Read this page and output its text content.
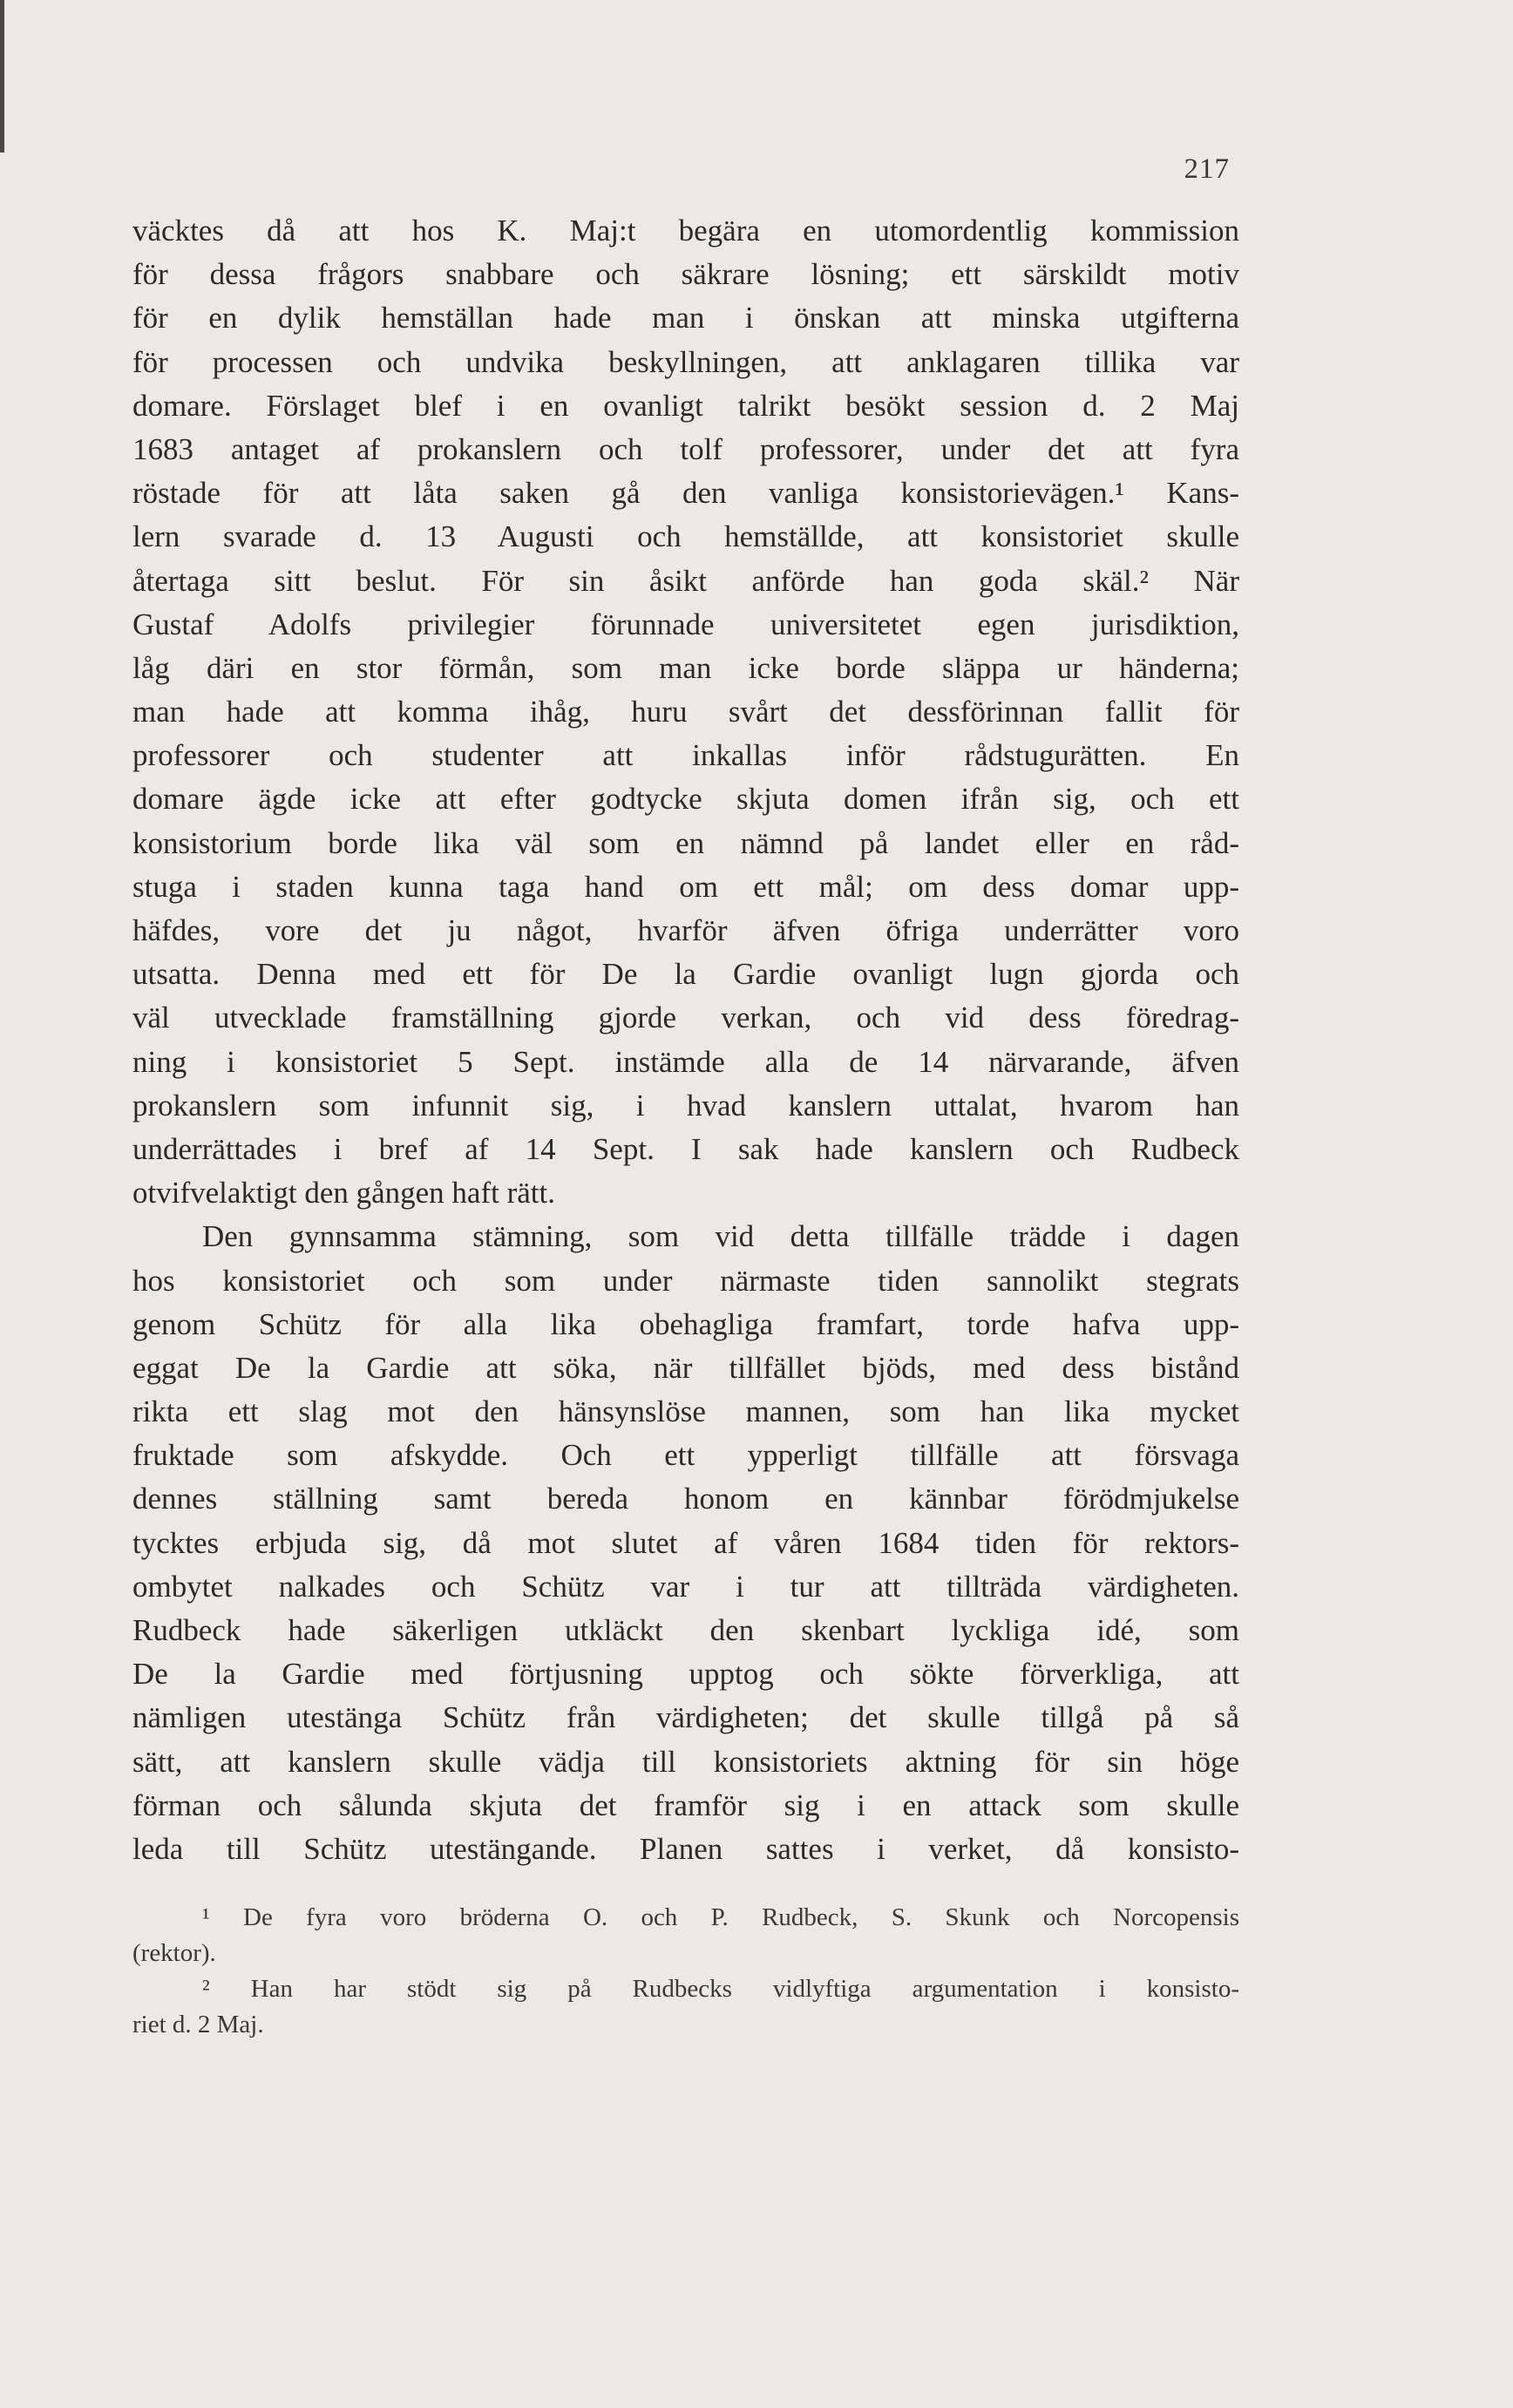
217
väcktes då att hos K. Maj:t begära en utomordentlig kommission
för dessa frågors snabbare och säkrare lösning; ett särskildt motiv
för en dylik hemställan hade man i önskan att minska utgifterna
för processen och undvika beskyllningen, att anklagaren tillika var
domare. Förslaget blef i en ovanligt talrikt besökt session d. 2 Maj
1683 antaget af prokanslern och tolf professorer, under det att fyra
röstade för att låta saken gå den vanliga konsistorievägen.¹ Kans-
lern svarade d. 13 Augusti och hemställde, att konsistoriet skulle
återtaga sitt beslut. För sin åsikt anförde han goda skäl.² När
Gustaf Adolfs privilegier förunnade universitetet egen jurisdiktion,
låg däri en stor förmån, som man icke borde släppa ur händerna;
man hade att komma ihåg, huru svårt det dessförinnan fallit för
professorer och studenter att inkallas inför rådstugurätten. En
domare ägde icke att efter godtycke skjuta domen ifrån sig, och ett
konsistorium borde lika väl som en nämnd på landet eller en råd-
stuga i staden kunna taga hand om ett mål; om dess domar upp-
häfdes, vore det ju något, hvarför äfven öfriga underrätter voro
utsatta. Denna med ett för De la Gardie ovanligt lugn gjorda och
väl utvecklade framställning gjorde verkan, och vid dess föredrag-
ning i konsistoriet 5 Sept. instämde alla de 14 närvarande, äfven
prokanslern som infunnit sig, i hvad kanslern uttalat, hvarom han
underrättades i bref af 14 Sept. I sak hade kanslern och Rudbeck
otvifvelaktigt den gången haft rätt.
Den gynnsamma stämning, som vid detta tillfälle trädde i dagen
hos konsistoriet och som under närmaste tiden sannolikt stegrats
genom Schütz för alla lika obehagliga framfart, torde hafva upp-
eggat De la Gardie att söka, när tillfället bjöds, med dess bistånd
rikta ett slag mot den hänsynslöse mannen, som han lika mycket
fruktade som afskydde. Och ett ypperligt tillfälle att försvaga
dennes ställning samt bereda honom en kännbar förödmjukelse
tycktes erbjuda sig, då mot slutet af våren 1684 tiden för rektors-
ombytet nalkades och Schütz var i tur att tillträda värdigheten.
Rudbeck hade säkerligen utkläckt den skenbart lyckliga idé, som
De la Gardie med förtjusning upptog och sökte förverkliga, att
nämligen utestänga Schütz från värdigheten; det skulle tillgå på så
sätt, att kanslern skulle vädja till konsistoriets aktning för sin höge
förman och sålunda skjuta det framför sig i en attack som skulle
leda till Schütz utestängande. Planen sattes i verket, då konsisto-
¹ De fyra voro bröderna O. och P. Rudbeck, S. Skunk och Norcopensis
(rektor).
² Han har stödt sig på Rudbecks vidlyftiga argumentation i konsisto-
riet d. 2 Maj.
